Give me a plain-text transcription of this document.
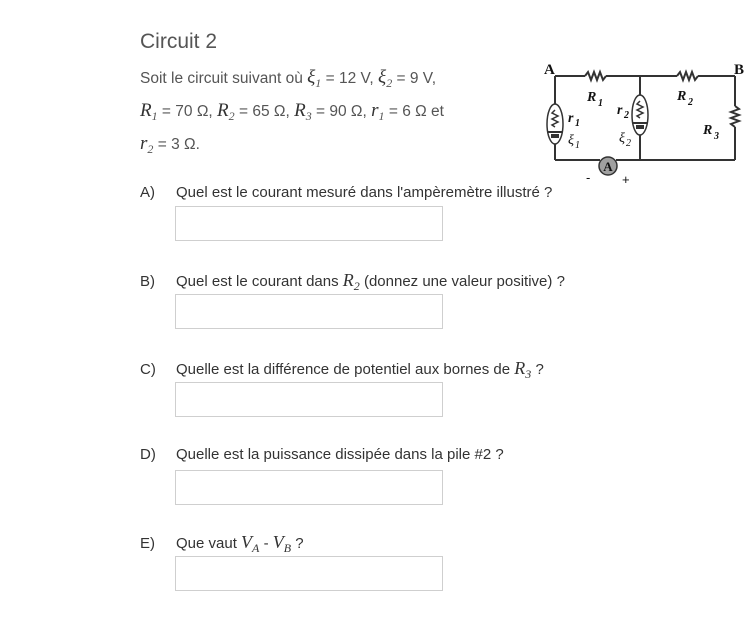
Circuit 2
Soit le circuit suivant où $\xi_1 = 12$ V, $\xi_2 = 9$ V,
$R_1 = 70$ Ω, $R_2 = 65$ Ω, $R_3 = 90$ Ω, $r_1 = 6$ Ω et
$r_2 = 3$ Ω.
A
A	B
R 1	R 2
R 3
r 1
r 2
ξ 1	ξ 2
- +
A) Quel est le courant mesuré dans l'ampèremètre illustré ?
B) Quel est le courant dans $R_2$ (donnez une valeur positive) ?
C) Quelle est la différence de potentiel aux bornes de $R_3$ ?
D) Quelle est la puissance dissipée dans la pile #2 ?
E) Que vaut $V_A - V_B$ ?
